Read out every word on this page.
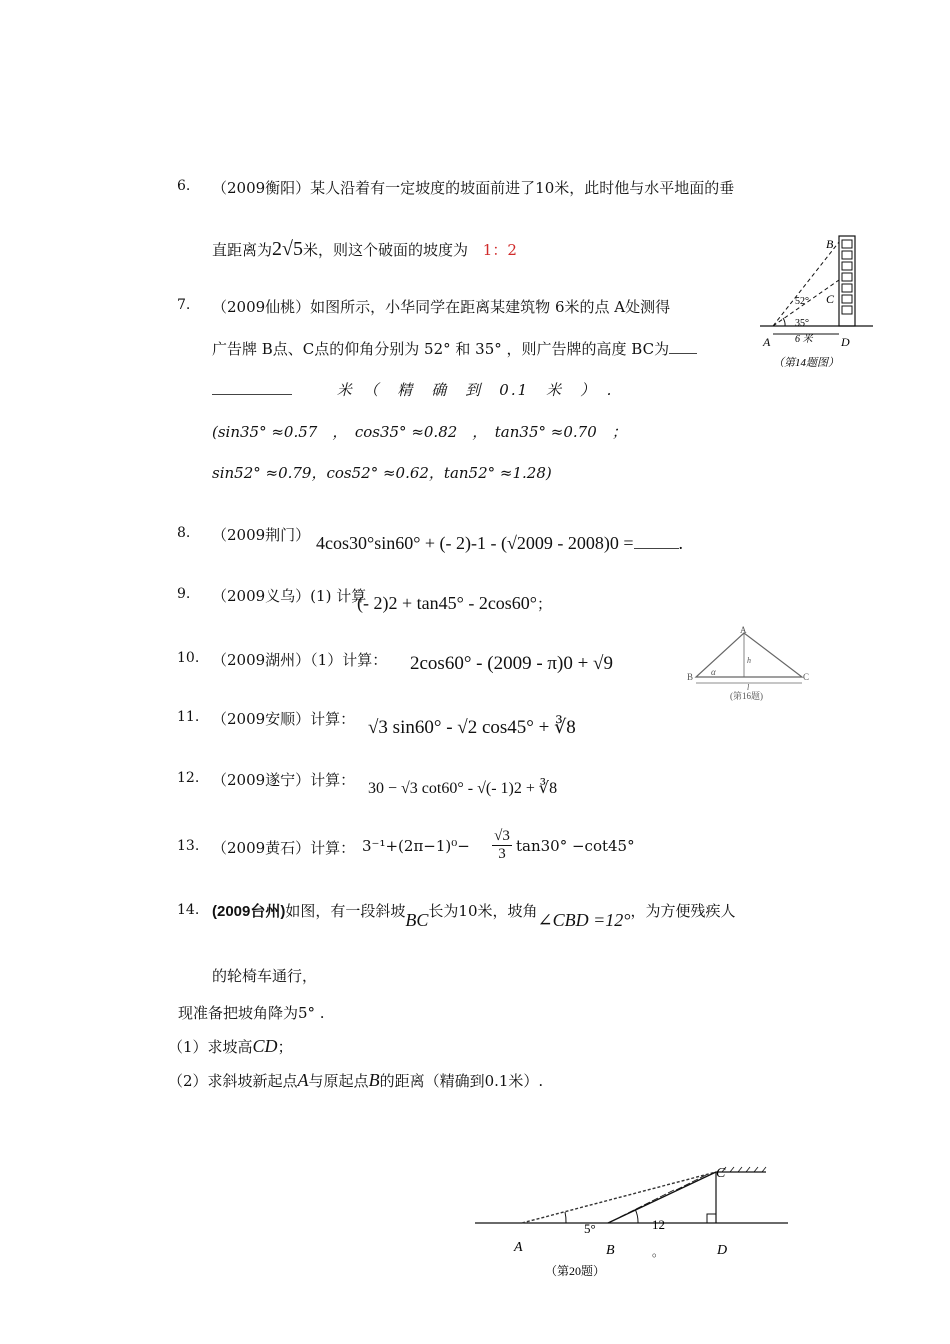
6. （2009衡阳）某人沿着有一定坡度的坡面前进了10米，此时他与水平地面的垂
直距离为2√5米，则这个破面的坡度为 1：2
52°
35°
B
C
A	D
6 米
（第14题图）
7. （2009仙桃）如图所示，小华同学在距离某建筑物 6米的点 A处测得
广告牌 B点、C点的仰角分别为 52° 和 35° ，则广告牌的高度 BC为
米　（　精　确　到　0.1　米　）　.
(sin35° ≈0.57　，　cos35° ≈0.82　，　tan35° ≈0.70　；
sin52° ≈0.79，cos52° ≈0.62，tan52° ≈1.28)
8. （2009荆门） 4cos30°sin60° + (- 2)-1 - (√2009 - 2008)0 =	.
9. （2009义乌）(1) 计算
(- 2)2 + tan45° - 2cos60°；
A
B	C
α
h
l
(第16题)
10. （2009湖州）（1）计算： 2cos60° - (2009 - π)0 + √9
11. （2009安顺）计算： √3 sin60° - √2 cos45° + ∛8
12. （2009遂宁）计算： 30 − √3 cot60° - √(- 1)2 + ∛8
13. （2009黄石）计算： 3⁻¹+(2π−1)⁰−
√3
3 tan30° −cot45°
14. (2009台州)如图，有一段斜坡BC长为10米，坡角∠CBD =12°，为方便残疾人
的轮椅车通行，
现准备把坡角降为5° .
（1）求坡高CD；
（2）求斜坡新起点A与原起点B的距离（精确到0.1米）.
5°	12
。
C
A	B	D
（第20题）
